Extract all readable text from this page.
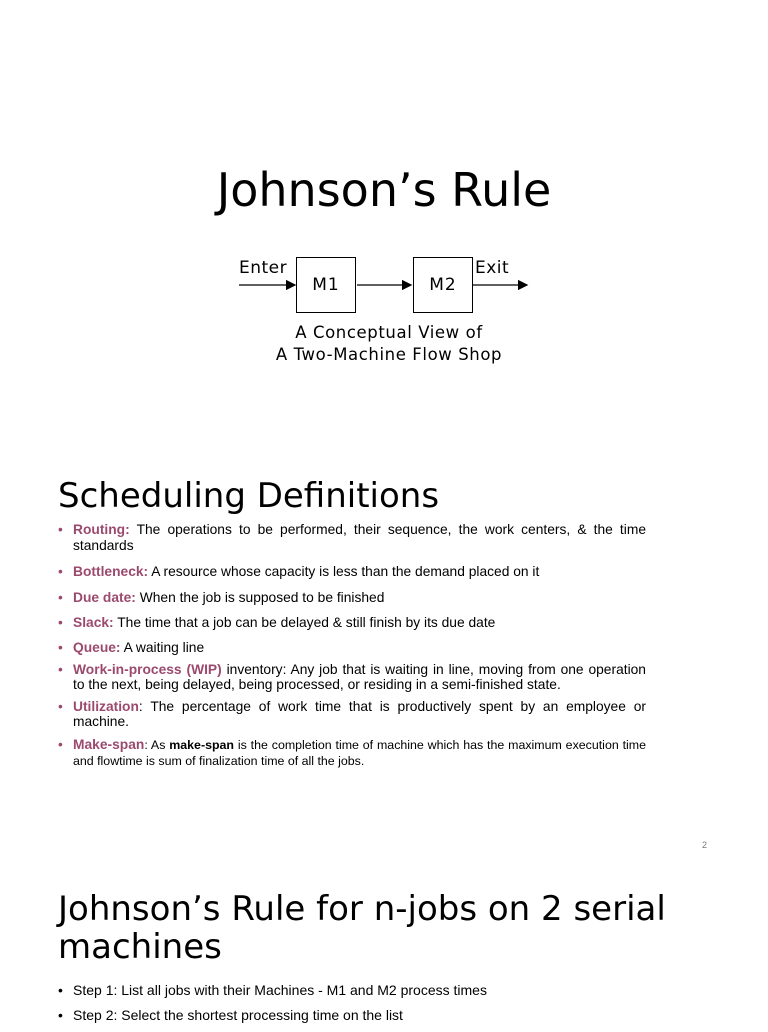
Johnson’s Rule
Enter
M1	M2
Exit
A Conceptual View of
A Two-Machine Flow Shop
Scheduling Definitions
• Routing: The operations to be performed, their sequence, the work centers, & the time standards
• Bottleneck: A resource whose capacity is less than the demand placed on it
• Due date: When the job is supposed to be finished
• Slack: The time that a job can be delayed & still finish by its due date
• Queue: A waiting line
• Work-in-process (WIP) inventory: Any job that is waiting in line, moving from one operation to the next, being delayed, being processed, or residing in a semi-finished state.
• Utilization: The percentage of work time that is productively spent by an employee or machine.
• Make-span: As make-span is the completion time of machine which has the maximum execution time and flowtime is sum of finalization time of all the jobs.
2
Johnson’s Rule for n-jobs on 2 serial machines
• Step 1: List all jobs with their Machines - M1 and M2 process times
• Step 2: Select the shortest processing time on the list
